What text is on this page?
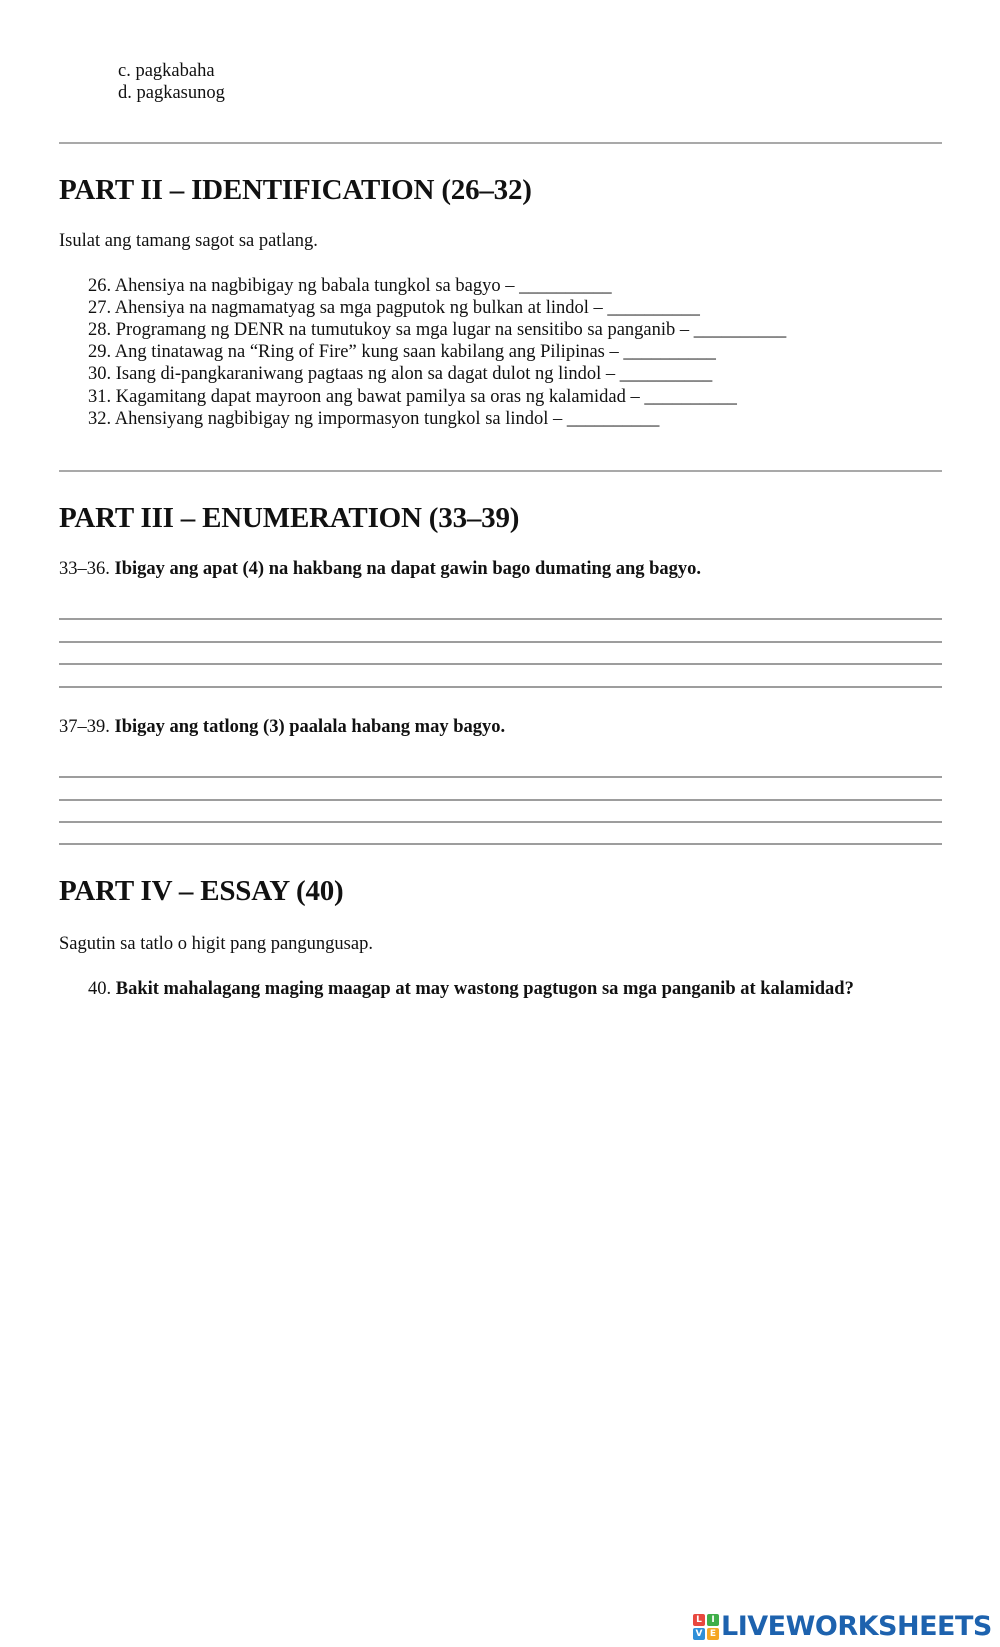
c. pagkabaha
d. pagkasunog
PART II – IDENTIFICATION (26–32)
Isulat ang tamang sagot sa patlang.
26. Ahensiya na nagbibigay ng babala tungkol sa bagyo – __________
27. Ahensiya na nagmamatyag sa mga pagputok ng bulkan at lindol – __________
28. Programang ng DENR na tumutukoy sa mga lugar na sensitibo sa panganib – __________
29. Ang tinatawag na “Ring of Fire” kung saan kabilang ang Pilipinas – __________
30. Isang di-pangkaraniwang pagtaas ng alon sa dagat dulot ng lindol – __________
31. Kagamitang dapat mayroon ang bawat pamilya sa oras ng kalamidad – __________
32. Ahensiyang nagbibigay ng impormasyon tungkol sa lindol – __________
PART III – ENUMERATION (33–39)
33–36. Ibigay ang apat (4) na hakbang na dapat gawin bago dumating ang bagyo.
37–39. Ibigay ang tatlong (3) paalala habang may bagyo.
PART IV – ESSAY (40)
Sagutin sa tatlo o higit pang pangungusap.
40. Bakit mahalagang maging maagap at may wastong pagtugon sa mga panganib at kalamidad?
L	I
V E LIVEWORKSHEETS
